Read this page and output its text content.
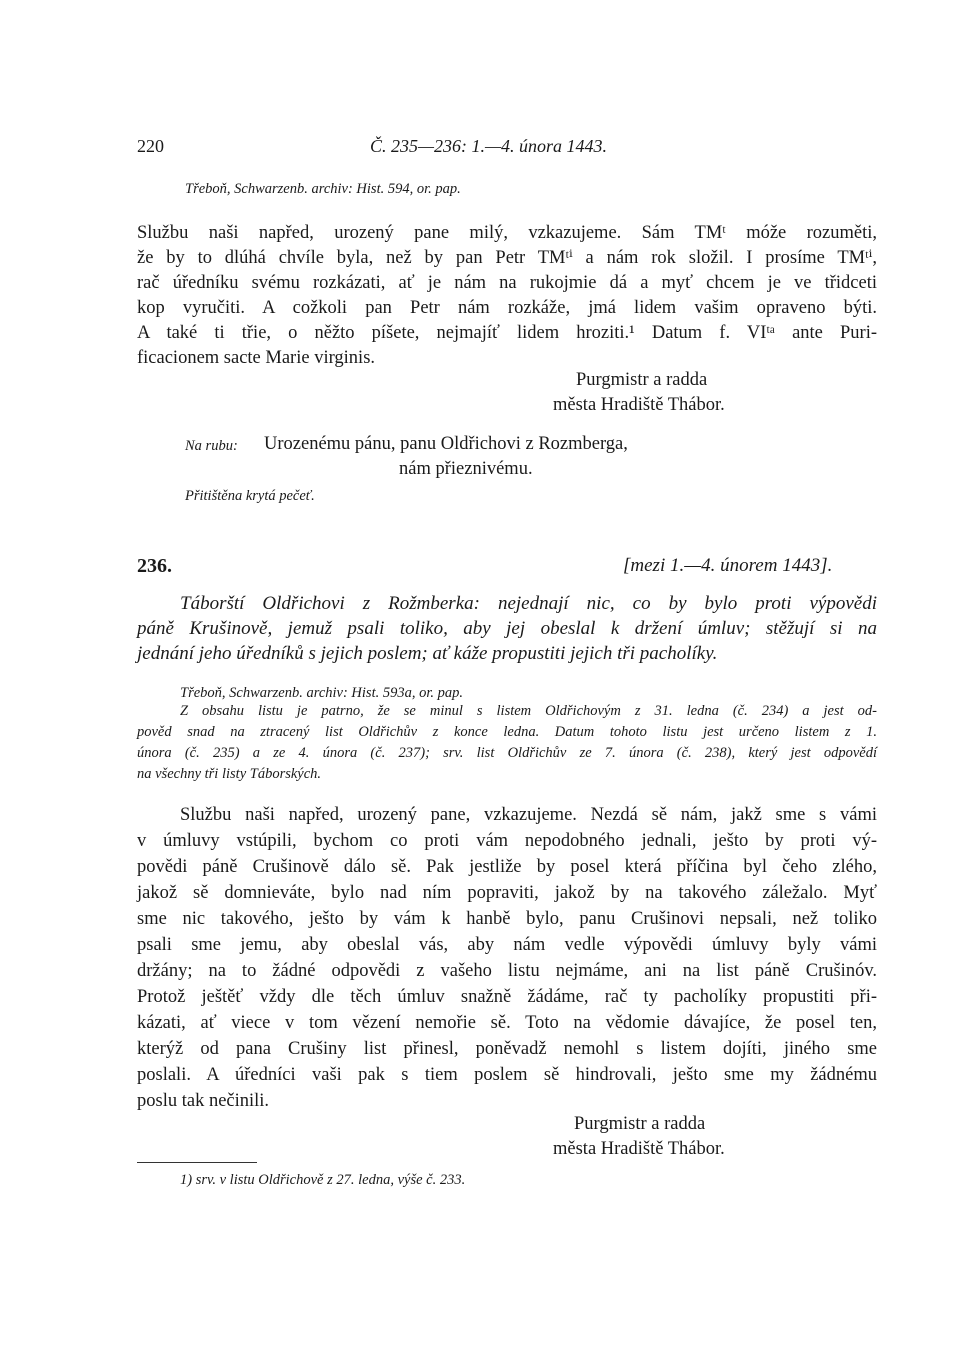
220	Č. 235—236: 1.—4. února 1443.
Třeboň, Schwarzenb. archiv: Hist. 594, or. pap.
Službu naši napřed, urozený pane milý, vzkazujeme. Sám TMᵗ móže rozuměti,
že by to dlúhá chvíle byla, než by pan Petr TMᵗⁱ a nám rok složil. I prosíme TMᵗⁱ,
rač úředníku svému rozkázati, ať je nám na rukojmie dá a myť chcem je ve třidceti
kop vyručiti. A cožkoli pan Petr nám rozkáže, jmá lidem vašim opraveno býti.
A také ti třie, o něžto píšete, nejmajíť lidem hroziti.¹ Datum f. VIᵗᵃ ante Puri-
ficacionem sacte Marie virginis.
Purgmistr a radda
města Hradiště Thábor.
Na rubu: Urozenému pánu, panu Oldřichovi z Rozmberga,
nám přieznivému.
Přitištěna krytá pečeť.
236.	[mezi 1.—4. únorem 1443].
Táborští Oldřichovi z Rožmberka: nejednají nic, co by bylo proti výpovědi
páně Krušinově, jemuž psali toliko, aby jej obeslal k držení úmluv; stěžují si na
jednání jeho úředníků s jejich poslem; ať káže propustiti jejich tři pacholíky.
Třeboň, Schwarzenb. archiv: Hist. 593a, or. pap.
Z obsahu listu je patrno, že se minul s listem Oldřichovým z 31. ledna (č. 234) a jest od-
pověd snad na ztracený list Oldřichův z konce ledna. Datum tohoto listu jest určeno listem z 1.
února (č. 235) a ze 4. února (č. 237); srv. list Oldřichův ze 7. února (č. 238), který jest odpovědí
na všechny tři listy Táborských.
Službu naši napřed, urozený pane, vzkazujeme. Nezdá sě nám, jakž sme s vámi
v úmluvy vstúpili, bychom co proti vám nepodobného jednali, ješto by proti vý-
povědi páně Crušinově dálo sě. Pak jestliže by posel která příčina byl čeho zlého,
jakož sě domnieváte, bylo nad ním popraviti, jakož by na takového záležalo. Myť
sme nic takového, ješto by vám k hanbě bylo, panu Crušinovi nepsali, než toliko
psali sme jemu, aby obeslal vás, aby nám vedle výpovědi úmluvy byly vámi
držány; na to žádné odpovědi z vašeho listu nejmáme, ani na list páně Crušinóv.
Protož ještěť vždy dle těch úmluv snažně žádáme, rač ty pacholíky propustiti při-
kázati, ať viece v tom vězení nemořie sě. Toto na vědomie dávajíce, že posel ten,
kterýž od pana Crušiny list přinesl, poněvadž nemohl s listem dojíti, jiného sme
poslali. A úředníci vaši pak s tiem poslem sě hindrovali, ješto sme my žádnému
poslu tak nečinili.
Purgmistr a radda
města Hradiště Thábor.
1) srv. v listu Oldřichově z 27. ledna, výše č. 233.
